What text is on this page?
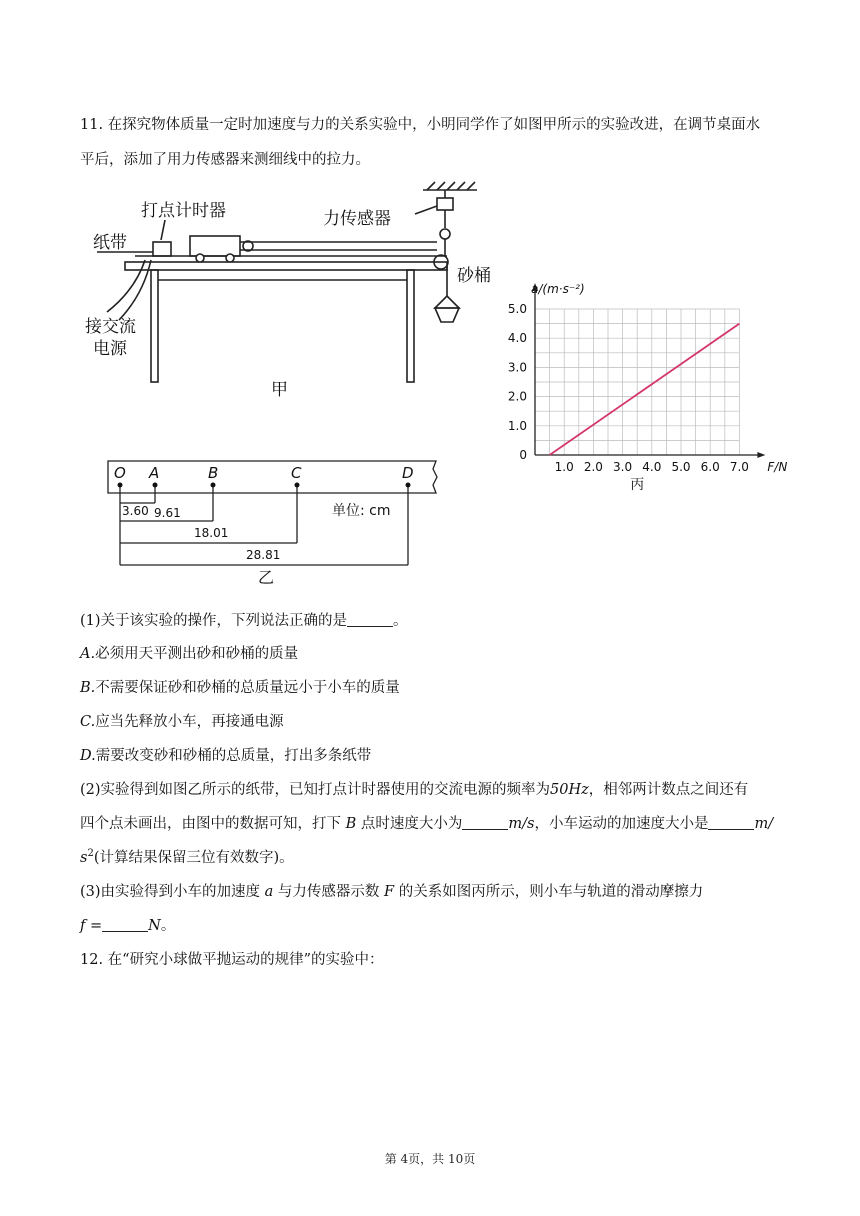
11. 在探究物体质量一定时加速度与力的关系实验中，小明同学作了如图甲所示的实验改进，在调节桌面水
平后，添加了用力传感器来测细线中的拉力。
打点计时器	力传感器
纸带
砂桶
接交流
电源
甲
O A	B	C	D
3.60 9.61
18.01
28.81
单位: cm
乙
0
1.0
2.0
3.0
4.0
5.0
1.0 2.0 3.0 4.0 5.0 6.0 7.0
a/(m·s⁻²)
F/N
丙
(1)关于该实验的操作，下列说法正确的是	。
A.必须用天平测出砂和砂桶的质量
B.不需要保证砂和砂桶的总质量远小于小车的质量
C.应当先释放小车，再接通电源
D.需要改变砂和砂桶的总质量，打出多条纸带
(2)实验得到如图乙所示的纸带，已知打点计时器使用的交流电源的频率为50Hz，相邻两计数点之间还有
四个点未画出，由图中的数据可知，打下 B 点时速度大小为	m/s，小车运动的加速度大小是	m/
$s^2$(计算结果保留三位有效数字)。
(3)由实验得到小车的加速度 a 与力传感器示数 F 的关系如图丙所示，则小车与轨道的滑动摩擦力
f =	N。
12. 在“研究小球做平抛运动的规律”的实验中：
第 4页，共 10页
